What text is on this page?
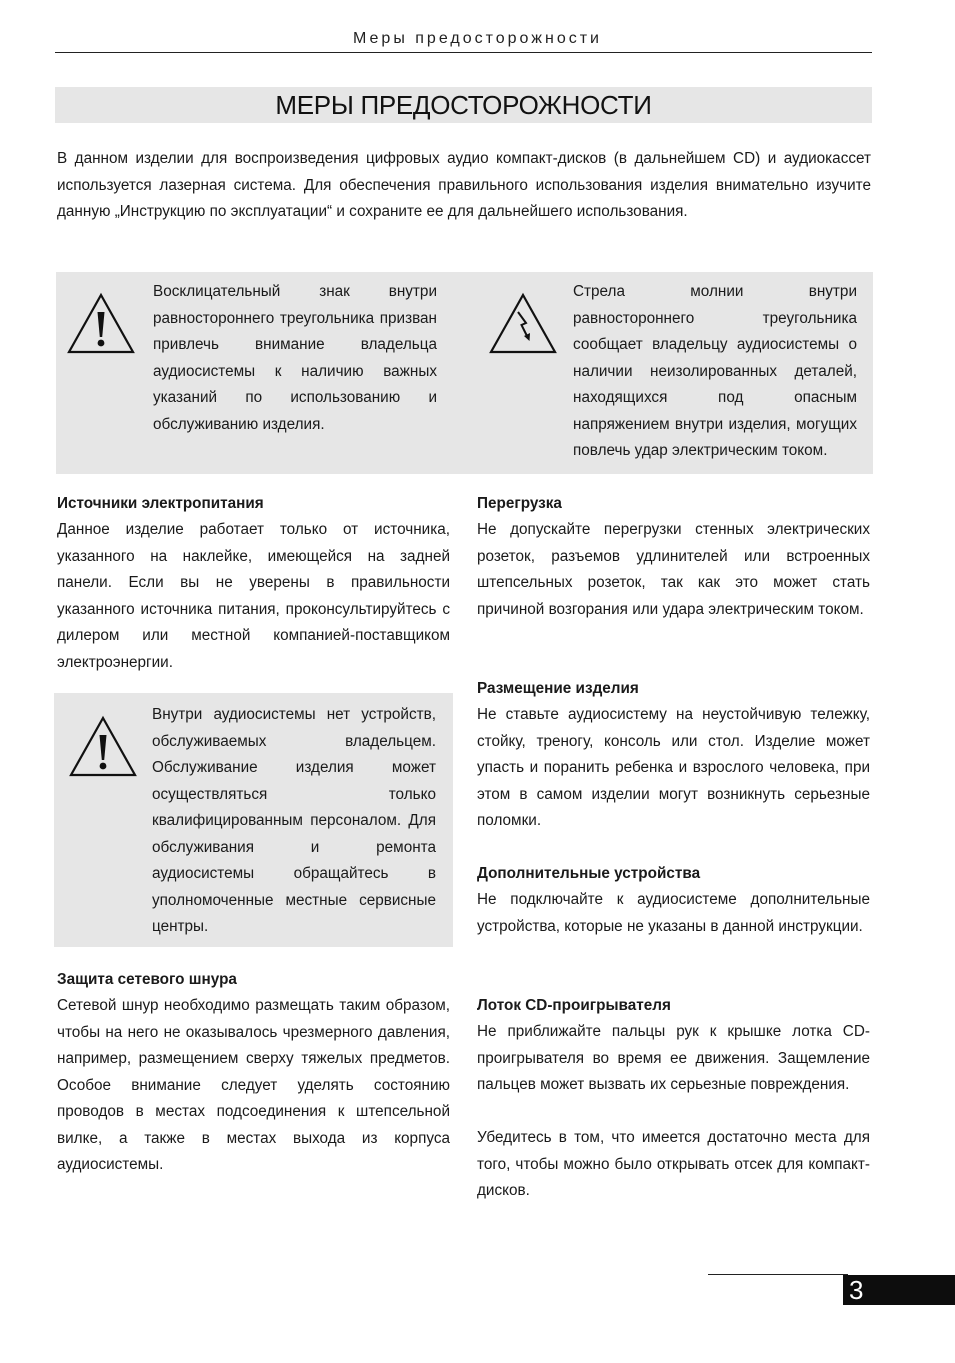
Меры предосторожности
МЕРЫ ПРЕДОСТОРОЖНОСТИ

В данном изделии для воспроизведения цифровых аудио компакт-дисков (в дальнейшем CD) и аудиокассет используется лазерная система. Для обеспечения правильного использования изделия внимательно изучите данную „Инструкцию по эксплуатации“ и сохраните ее для дальнейшего использования.

Восклицательный знак внутри равностороннего треугольника призван привлечь внимание владельца аудиосистемы к наличию важных указаний по использованию и обслуживанию изделия.

Стрела молнии внутри равностороннего треугольника сообщает владельцу аудиосистемы о наличии неизолированных деталей, находящихся под опасным напряжением внутри изделия, могущих повлечь удар электрическим током.

Источники электропитания

Данное изделие работает только от источника, указанного на наклейке, имеющейся на задней панели. Если вы не уверены в правильности указанного источника питания, проконсультируйтесь с дилером или местной компанией-поставщиком электроэнергии.

Внутри аудиосистемы нет устройств, обслуживаемых владельцем. Обслуживание изделия может осуществляться только квалифицированным персоналом. Для обслуживания и ремонта аудиосистемы обращайтесь в уполномоченные местные сервисные центры.

Защита сетевого шнура

Сетевой шнур необходимо размещать таким образом, чтобы на него не оказывалось чрезмерного давления, например, размещением сверху тяжелых предметов. Особое внимание следует уделять состоянию проводов в местах подсоединения к штепсельной вилке, а также в местах выхода из корпуса аудиосистемы.

Перегрузка

Не допускайте перегрузки стенных электрических розеток, разъемов удлинителей или встроенных штепсельных розеток, так как это может стать причиной возгорания или удара электрическим током.

Размещение изделия

Не ставьте аудиосистему на неустойчивую тележку, стойку, треногу, консоль или стол. Изделие может упасть и поранить ребенка и взрослого человека, при этом в самом изделии могут возникнуть серьезные поломки.

Дополнительные устройства

Не подключайте к аудиосистеме дополнительные устройства, которые не указаны в данной инструкции.

Лоток CD-проигрывателя

Не приближайте пальцы рук к крышке лотка CD-проигрывателя во время ее движения. Защемление пальцев может вызвать их серьезные повреждения.

Убедитесь в том, что имеется достаточно места для того, чтобы можно было открывать отсек для компакт-дисков.

3
